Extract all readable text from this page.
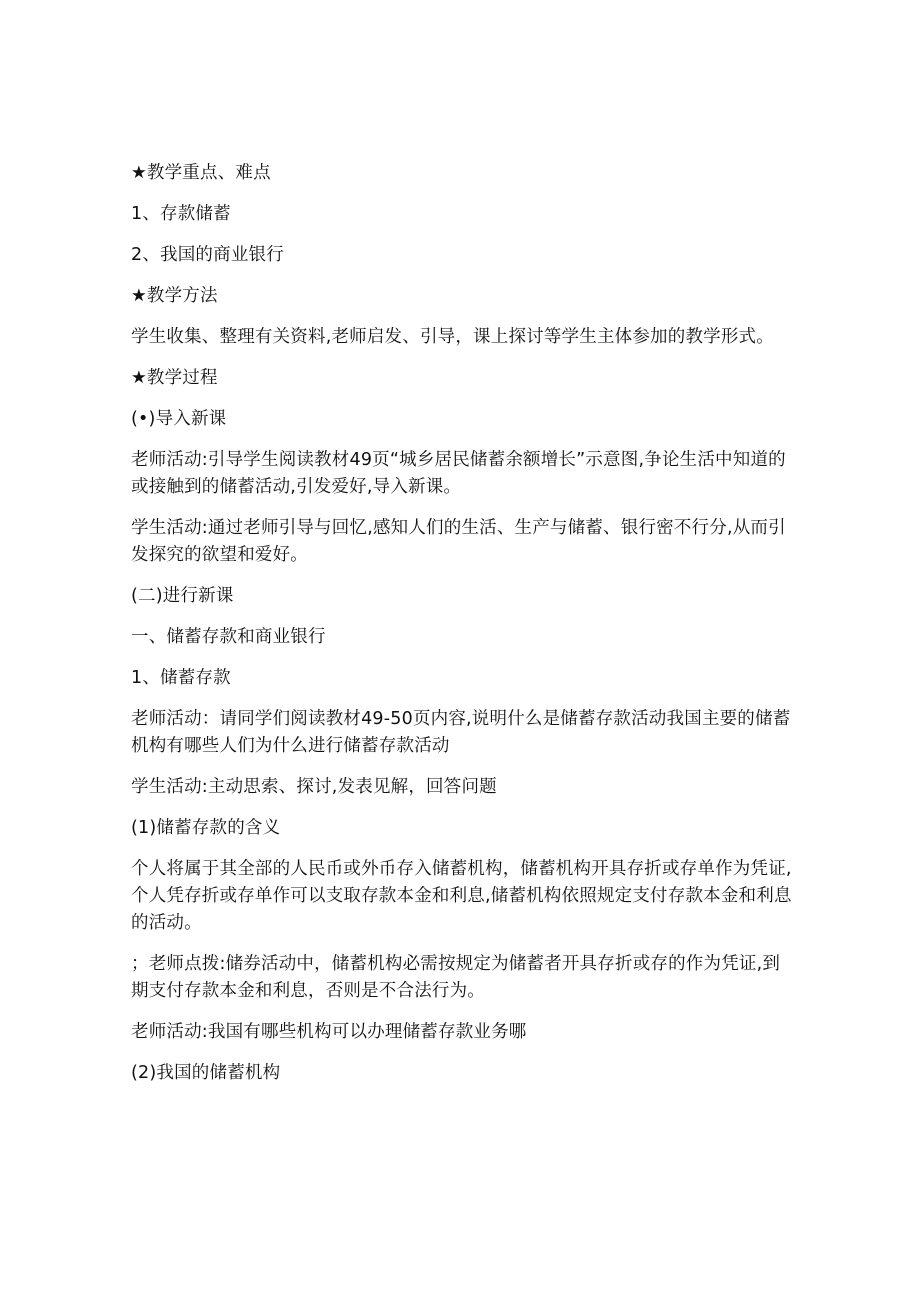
★教学重点、难点

1、存款储蓄

2、我国的商业银行

★教学方法

学生收集、整理有关资料,老师启发、引导，课上探讨等学生主体参加的教学形式。

★教学过程

(•)导入新课

老师活动:引导学生阅读教材49页“城乡居民储蓄余额增长”示意图,争论生活中知道的或接触到的储蓄活动,引发爱好,导入新课。

学生活动:通过老师引导与回忆,感知人们的生活、生产与储蓄、银行密不行分,从而引发探究的欲望和爱好。

(二)进行新课

一、储蓄存款和商业银行

1、储蓄存款

老师活动：请同学们阅读教材49-50页内容,说明什么是储蓄存款活动我国主要的储蓄机构有哪些人们为什么进行储蓄存款活动

学生活动:主动思索、探讨,发表见解，回答问题

(1)储蓄存款的含义

个人将属于其全部的人民币或外币存入储蓄机构，储蓄机构开具存折或存单作为凭证,个人凭存折或存单作可以支取存款本金和利息,储蓄机构依照规定支付存款本金和利息的活动。

；老师点拨:储券活动中，储蓄机构必需按规定为储蓄者开具存折或存的作为凭证,到期支付存款本金和利息，否则是不合法行为。

老师活动:我国有哪些机构可以办理储蓄存款业务哪

(2)我国的储蓄机构
